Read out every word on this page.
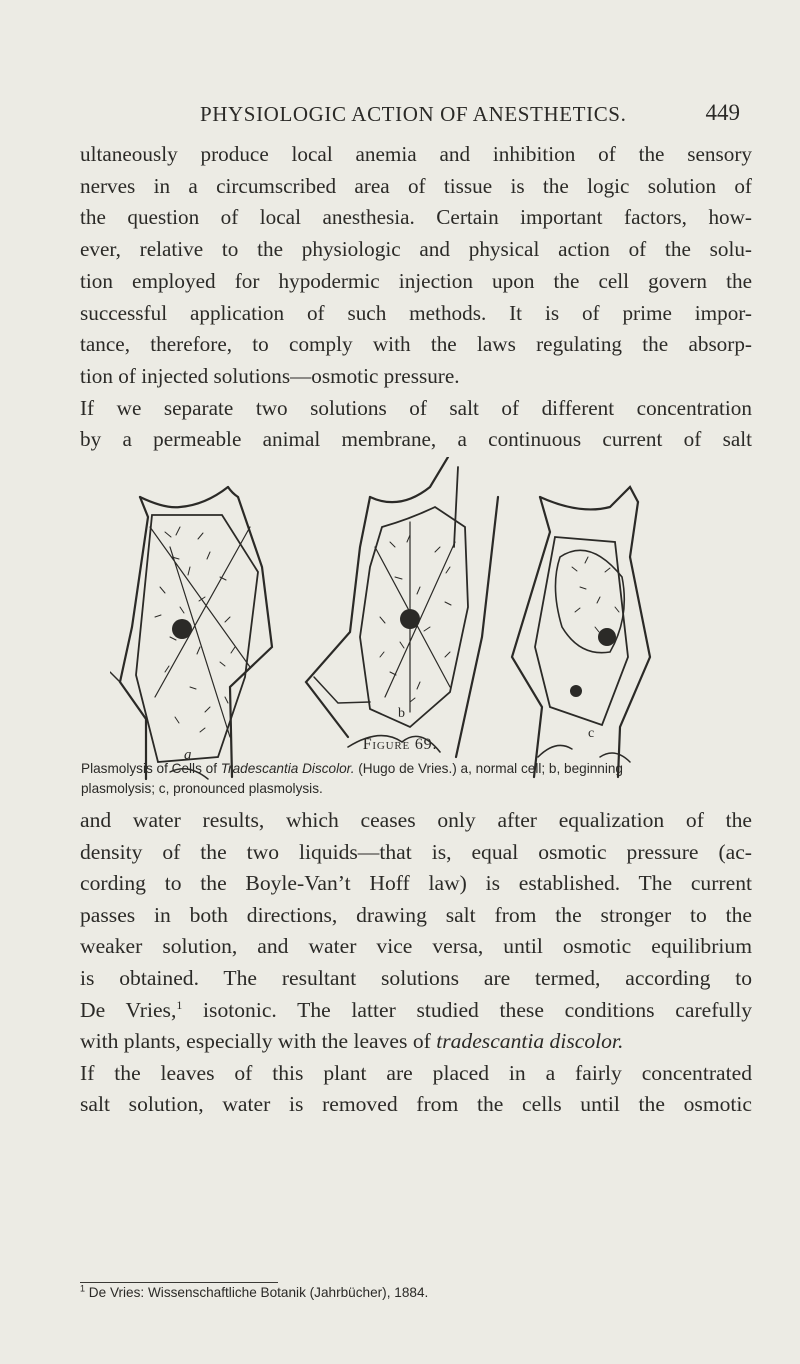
PHYSIOLOGIC ACTION OF ANESTHETICS.	449

ultaneously produce local anemia and inhibition of the sensory
nerves in a circumscribed area of tissue is the logic solution of
the question of local anesthesia. Certain important factors, how-
ever, relative to the physiologic and physical action of the solu-
tion employed for hypodermic injection upon the cell govern the
successful application of such methods. It is of prime impor-
tance, therefore, to comply with the laws regulating the absorp-
tion of injected solutions—osmotic pressure.
If we separate two solutions of salt of different concentration
by a permeable animal membrane, a continuous current of salt

a
b
c
Figure 69.
Plasmolysis of Cells of Tradescantia Discolor. (Hugo de Vries.) a, normal cell; b, beginning
plasmolysis; c, pronounced plasmolysis.

and water results, which ceases only after equalization of the
density of the two liquids—that is, equal osmotic pressure (ac-
cording to the Boyle-Van’t Hoff law) is established. The current
passes in both directions, drawing salt from the stronger to the
weaker solution, and water vice versa, until osmotic equilibrium
is obtained. The resultant solutions are termed, according to
De Vries,$^1$ isotonic. The latter studied these conditions carefully
with plants, especially with the leaves of tradescantia discolor.
If the leaves of this plant are placed in a fairly concentrated
salt solution, water is removed from the cells until the osmotic

$^1$ De Vries: Wissenschaftliche Botanik (Jahrbücher), 1884.
